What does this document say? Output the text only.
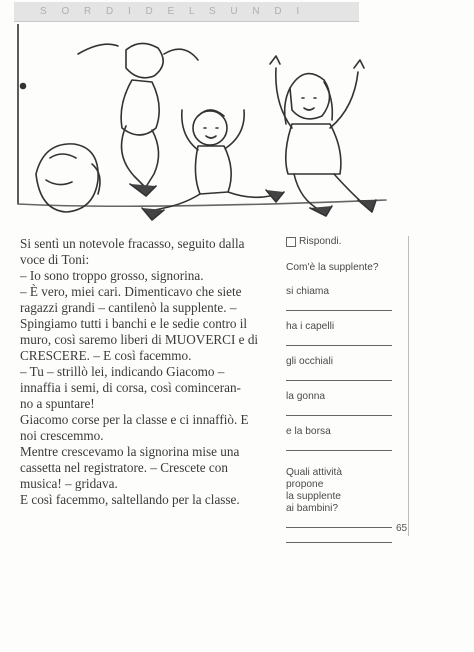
S O R D I D E L S U N D I

Si sentì un notevole fracasso, seguito dalla

voce di Toni:

– Io sono troppo grosso, signorina.

– È vero, miei cari. Dimenticavo che siete

ragazzi grandi – cantilenò la supplente. –

Spingiamo tutti i banchi e le sedie contro il

muro, così saremo liberi di MUOVERCI e di

CRESCERE. – E così facemmo.

– Tu – strillò lei, indicando Giacomo –

innaffia i semi, di corsa, così cominceran-

no a spuntare!

Giacomo corse per la classe e ci innaffiò. E

noi crescemmo.

Mentre crescevamo la signorina mise una

cassetta nel registratore. – Crescete con

musica! – gridava.

E così facemmo, saltellando per la classe.

Rispondi.
Com'è la supplente?
si chiama
ha i capelli
gli occhiali
la gonna
e la borsa
Quali attività
propone
la supplente
ai bambini?
65
